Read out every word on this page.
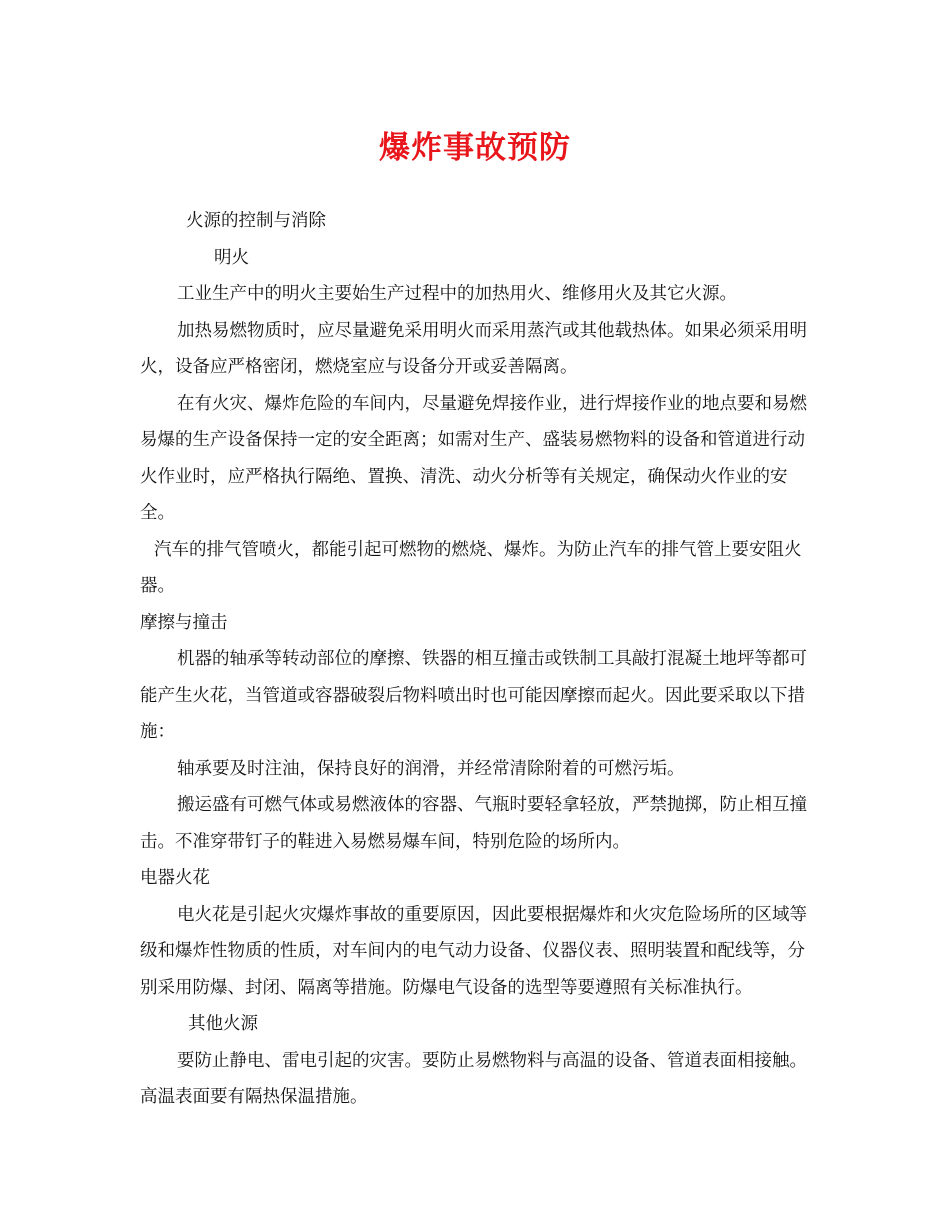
爆炸事故预防

火源的控制与消除

明火

工业生产中的明火主要始生产过程中的加热用火、维修用火及其它火源。

加热易燃物质时，应尽量避免采用明火而采用蒸汽或其他载热体。如果必须采用明火，设备应严格密闭，燃烧室应与设备分开或妥善隔离。

在有火灾、爆炸危险的车间内，尽量避免焊接作业，进行焊接作业的地点要和易燃易爆的生产设备保持一定的安全距离；如需对生产、盛装易燃物料的设备和管道进行动火作业时，应严格执行隔绝、置换、清洗、动火分析等有关规定，确保动火作业的安全。

汽车的排气管喷火，都能引起可燃物的燃烧、爆炸。为防止汽车的排气管上要安阻火器。

摩擦与撞击

机器的轴承等转动部位的摩擦、铁器的相互撞击或铁制工具敲打混凝土地坪等都可能产生火花，当管道或容器破裂后物料喷出时也可能因摩擦而起火。因此要采取以下措施：

轴承要及时注油，保持良好的润滑，并经常清除附着的可燃污垢。

搬运盛有可燃气体或易燃液体的容器、气瓶时要轻拿轻放，严禁抛掷，防止相互撞击。不准穿带钉子的鞋进入易燃易爆车间，特别危险的场所内。

电器火花

电火花是引起火灾爆炸事故的重要原因，因此要根据爆炸和火灾危险场所的区域等级和爆炸性物质的性质，对车间内的电气动力设备、仪器仪表、照明装置和配线等，分别采用防爆、封闭、隔离等措施。防爆电气设备的选型等要遵照有关标准执行。

其他火源

要防止静电、雷电引起的灾害。要防止易燃物料与高温的设备、管道表面相接触。高温表面要有隔热保温措施。
